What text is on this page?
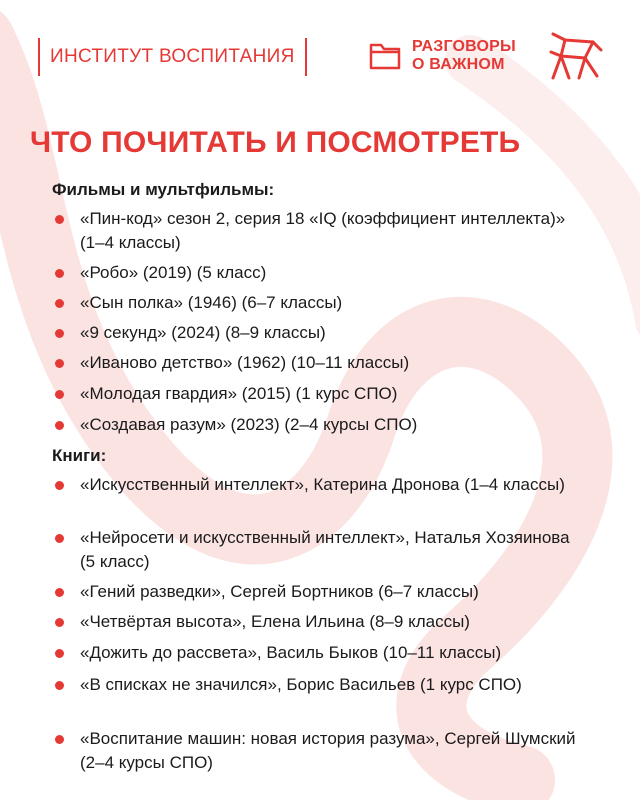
ИНСТИТУТ ВОСПИТАНИЯ	РАЗГОВОРЫ
О ВАЖНОМ
ЧТО ПОЧИТАТЬ И ПОСМОТРЕТЬ
Фильмы и мультфильмы:
«Пин-код» сезон 2, серия 18 «IQ (коэффициент интеллекта)» (1–4 классы)
«Робо» (2019) (5 класс)
«Сын полка» (1946) (6–7 классы)
«9 секунд» (2024) (8–9 классы)
«Иваново детство» (1962) (10–11 классы)
«Молодая гвардия» (2015) (1 курс СПО)
«Создавая разум» (2023) (2–4 курсы СПО)
Книги:
«Искусственный интеллект», Катерина Дронова (1–4 классы)
«Нейросети и искусственный интеллект», Наталья Хозяинова (5 класс)
«Гений разведки», Сергей Бортников (6–7 классы)
«Четвёртая высота», Елена Ильина (8–9 классы)
«Дожить до рассвета», Василь Быков (10–11 классы)
«В списках не значился», Борис Васильев (1 курс СПО)
«Воспитание машин: новая история разума», Сергей Шумский (2–4 курсы СПО)
